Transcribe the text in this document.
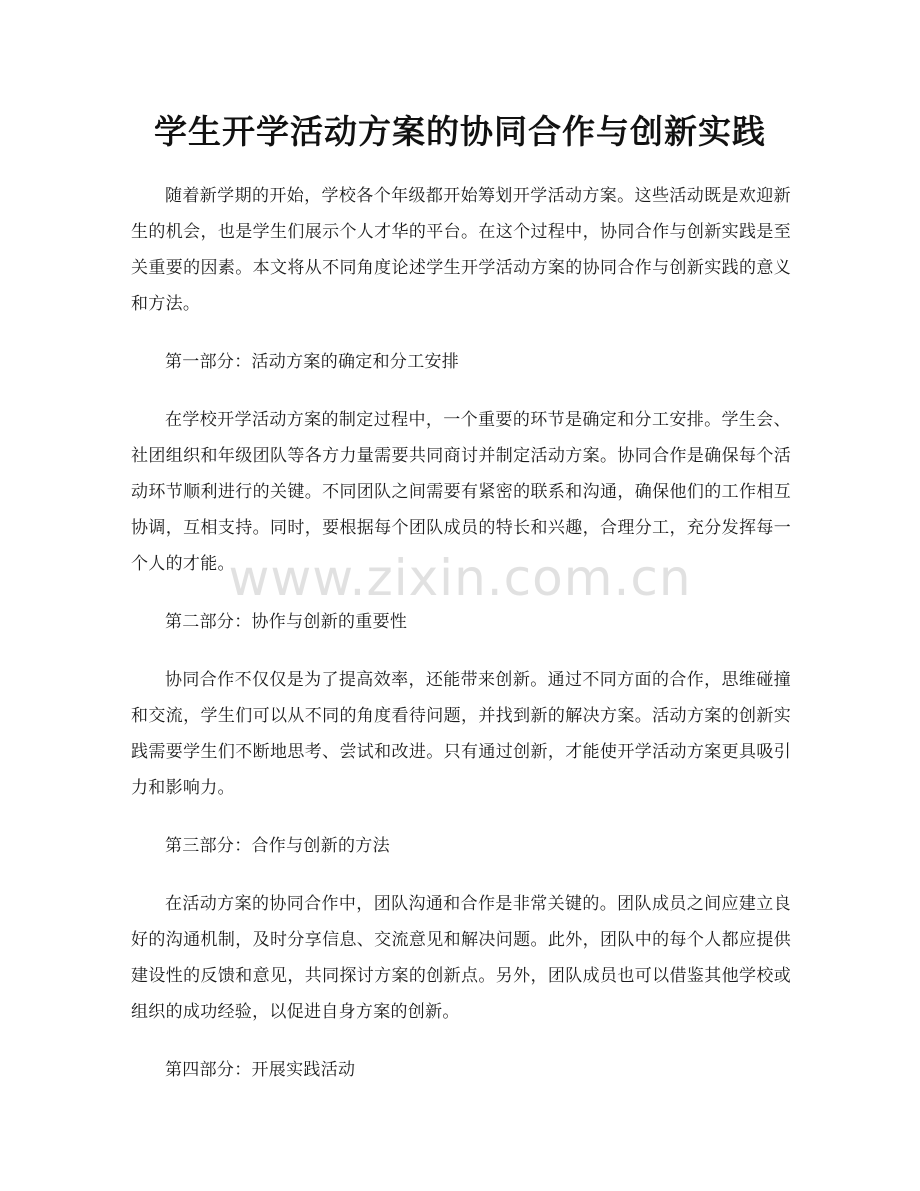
学生开学活动方案的协同合作与创新实践

随着新学期的开始，学校各个年级都开始筹划开学活动方案。这些活动既是欢迎新生的机会，也是学生们展示个人才华的平台。在这个过程中，协同合作与创新实践是至关重要的因素。本文将从不同角度论述学生开学活动方案的协同合作与创新实践的意义和方法。

第一部分：活动方案的确定和分工安排

在学校开学活动方案的制定过程中，一个重要的环节是确定和分工安排。学生会、社团组织和年级团队等各方力量需要共同商讨并制定活动方案。协同合作是确保每个活动环节顺利进行的关键。不同团队之间需要有紧密的联系和沟通，确保他们的工作相互协调，互相支持。同时，要根据每个团队成员的特长和兴趣，合理分工，充分发挥每一个人的才能。

第二部分：协作与创新的重要性

协同合作不仅仅是为了提高效率，还能带来创新。通过不同方面的合作，思维碰撞和交流，学生们可以从不同的角度看待问题，并找到新的解决方案。活动方案的创新实践需要学生们不断地思考、尝试和改进。只有通过创新，才能使开学活动方案更具吸引力和影响力。

第三部分：合作与创新的方法

在活动方案的协同合作中，团队沟通和合作是非常关键的。团队成员之间应建立良好的沟通机制，及时分享信息、交流意见和解决问题。此外，团队中的每个人都应提供建设性的反馈和意见，共同探讨方案的创新点。另外，团队成员也可以借鉴其他学校或组织的成功经验，以促进自身方案的创新。

第四部分：开展实践活动

www.zixin.com.cn
